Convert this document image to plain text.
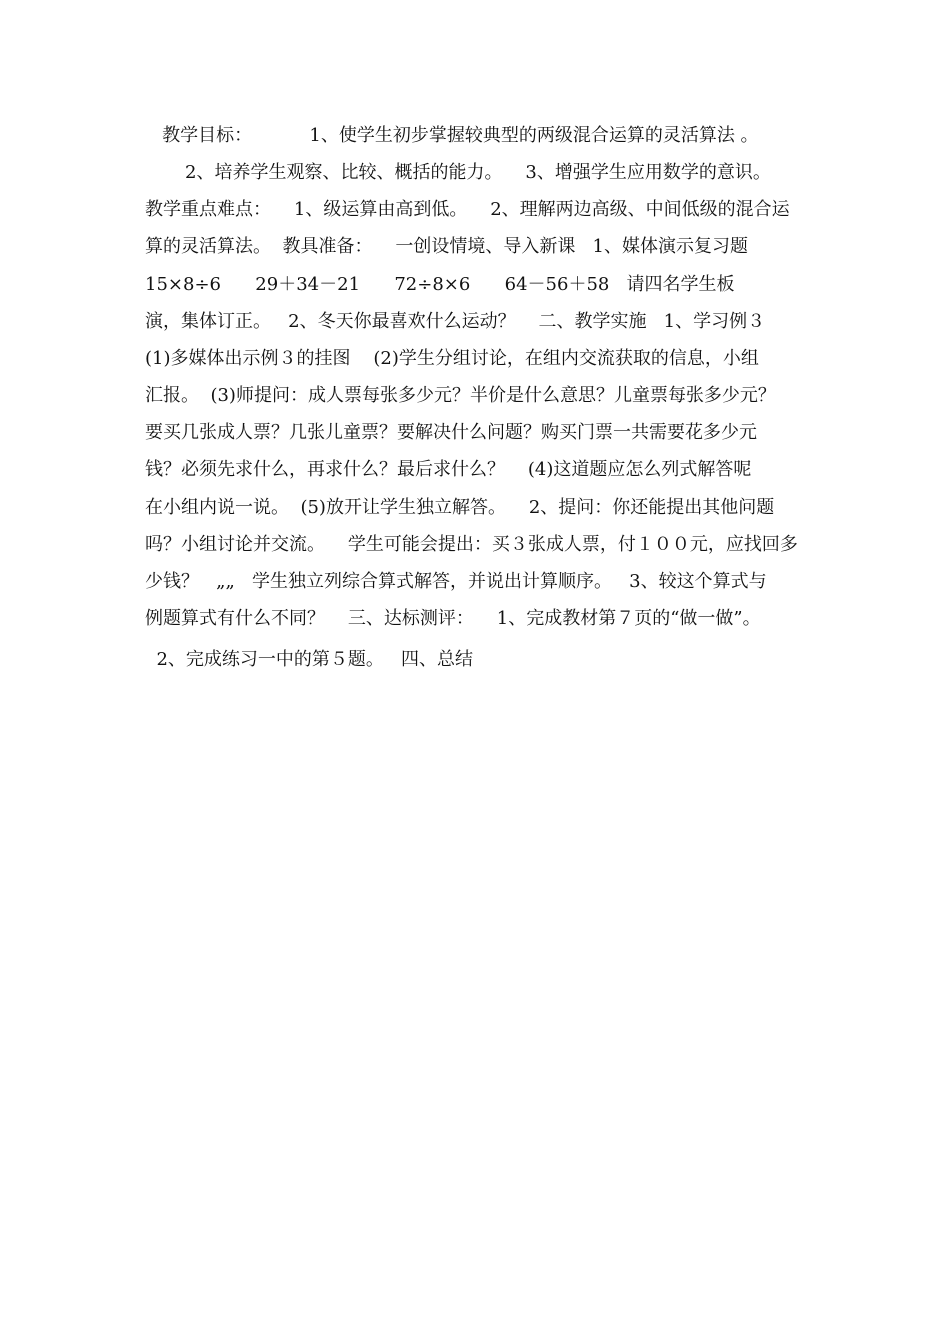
教学目标：          1、使学生初步掌握较典型的两级混合运算的灵活算法 。
2、培养学生观察、比较、概括的能力。    3、增强学生应用数学的意识。
教学重点难点：    1、级运算由高到低。    2、理解两边高级、中间低级的混合运
算的灵活算法。  教具准备：    一创设情境、导入新课   1、媒体演示复习题
15×8÷6      29＋34－21      72÷8×6      64－56＋58   请四名学生板
演，集体订正。   2、冬天你最喜欢什么运动？    二、教学实施   1、学习例３
(1)多媒体出示例３的挂图    (2)学生分组讨论，在组内交流获取的信息，小组
汇报。  (3)师提问：成人票每张多少元？半价是什么意思？儿童票每张多少元？
要买几张成人票？几张儿童票？要解决什么问题？购买门票一共需要花多少元
钱？必须先求什么，再求什么？最后求什么？    (4)这道题应怎么列式解答呢
在小组内说一说。  (5)放开让学生独立解答。    2、提问：你还能提出其他问题
吗？小组讨论并交流。    学生可能会提出：买３张成人票，付１００元，应找回多
少钱？   „„   学生独立列综合算式解答，并说出计算顺序。   3、较这个算式与
例题算式有什么不同？    三、达标测评：    1、完成教材第７页的“做一做”。
2、完成练习一中的第５题。   四、总结
